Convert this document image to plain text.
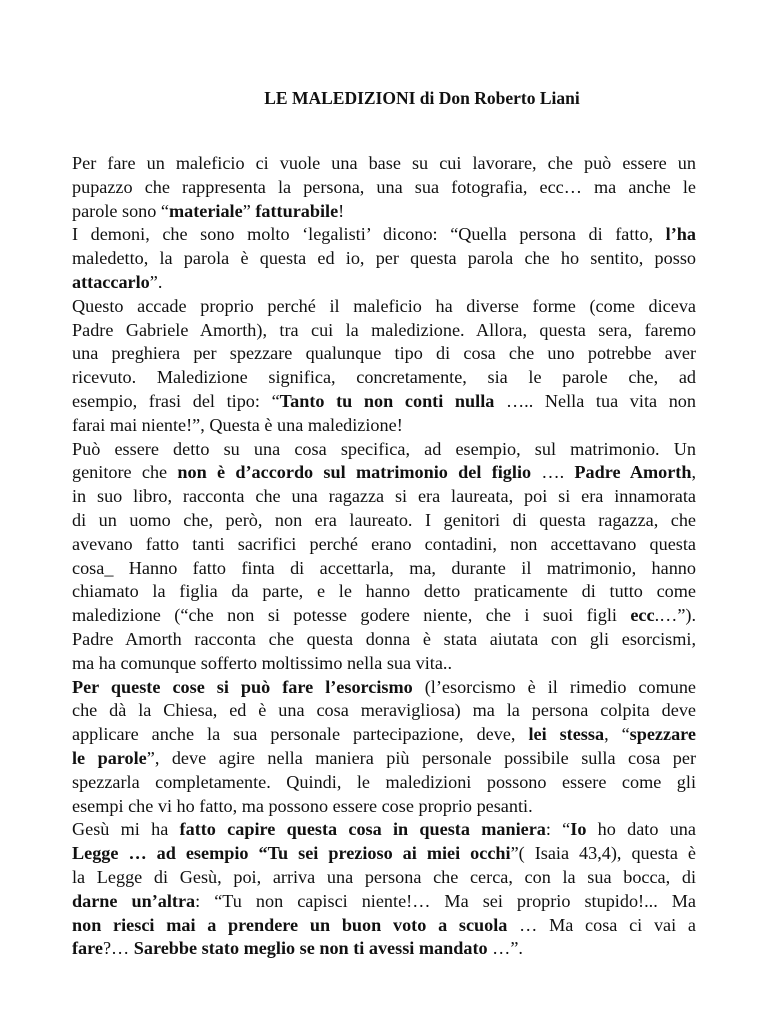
LE MALEDIZIONI di Don Roberto Liani
Per fare un maleficio ci vuole una base su cui lavorare, che può essere un
pupazzo che rappresenta la persona, una sua fotografia, ecc… ma anche le
parole sono “materiale” fatturabile!
I demoni, che sono molto ‘legalisti’ dicono: “Quella persona di fatto, l’ha
maledetto, la parola è questa ed io, per questa parola che ho sentito, posso
attaccarlo”.
Questo accade proprio perché il maleficio ha diverse forme (come diceva
Padre Gabriele Amorth), tra cui la maledizione. Allora, questa sera, faremo
una preghiera per spezzare qualunque tipo di cosa che uno potrebbe aver
ricevuto. Maledizione significa, concretamente, sia le parole che, ad
esempio, frasi del tipo: “Tanto tu non conti nulla ….. Nella tua vita non
farai mai niente!”, Questa è una maledizione!
Può essere detto su una cosa specifica, ad esempio, sul matrimonio. Un
genitore che non è d’accordo sul matrimonio del figlio …. Padre Amorth,
in suo libro, racconta che una ragazza si era laureata, poi si era innamorata
di un uomo che, però, non era laureato. I genitori di questa ragazza, che
avevano fatto tanti sacrifici perché erano contadini, non accettavano questa
cosa_ Hanno fatto finta di accettarla, ma, durante il matrimonio, hanno
chiamato la figlia da parte, e le hanno detto praticamente di tutto come
maledizione (“che non si potesse godere niente, che i suoi figli ecc.…”).
Padre Amorth racconta che questa donna è stata aiutata con gli esorcismi,
ma ha comunque sofferto moltissimo nella sua vita..
Per queste cose si può fare l’esorcismo (l’esorcismo è il rimedio comune
che dà la Chiesa, ed è una cosa meravigliosa) ma la persona colpita deve
applicare anche la sua personale partecipazione, deve, lei stessa, “spezzare
le parole”, deve agire nella maniera più personale possibile sulla cosa per
spezzarla completamente. Quindi, le maledizioni possono essere come gli
esempi che vi ho fatto, ma possono essere cose proprio pesanti.
Gesù mi ha fatto capire questa cosa in questa maniera: “Io ho dato una
Legge … ad esempio “Tu sei prezioso ai miei occhi”( Isaia 43,4), questa è
la Legge di Gesù, poi, arriva una persona che cerca, con la sua bocca, di
darne un’altra: “Tu non capisci niente!… Ma sei proprio stupido!... Ma
non riesci mai a prendere un buon voto a scuola … Ma cosa ci vai a
fare?… Sarebbe stato meglio se non ti avessi mandato …”.
